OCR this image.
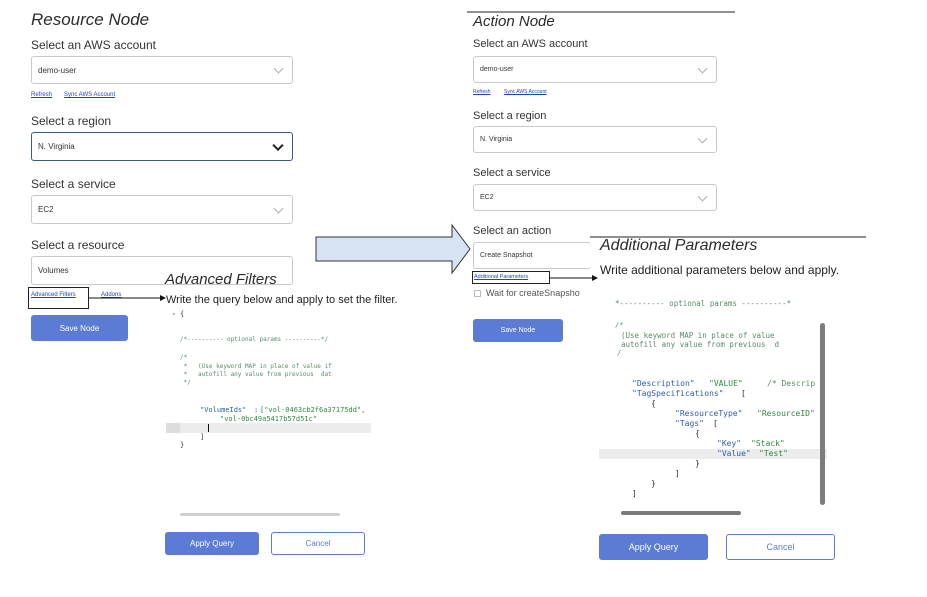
Resource Node
Select an AWS account
demo-user
Refresh Sync AWS Account
Select a region
N. Virginia
Select a service
EC2
Select a resource
Volumes
Advanced Filters	Addons
Save Node
Advanced Filters
Write the query below and apply to set the filter.
▾ {
/*---------- optional params ----------*/
/*
*   (Use keyword MAP in place of value if
*   autofill any value from previous  dat
*/
"VolumeIds" : ["vol-0463cb2f6a37175dd",
"vol-0bc49a5417b57d51c"
]
}
Apply Query	Cancel
Action Node
Select an AWS account
demo-user
Refresh	Sync AWS Account
Select a region
N. Virginia
Select a service
EC2
Select an action
Create Snapshot
Additional Parameters
Wait for createSnapsho
Save Node
Additional Parameters
Write additional parameters below and apply.
*---------- optional params ----------*
/*
(Use keyword MAP in place of value
autofill any value from previous  d
/
"Description" "VALUE"	/* Descrip
"TagSpecifications" [
{
"ResourceType" "ResourceID"
"Tags" [
{
"Key" "Stack"
"Value" "Test"
}
]
}
]
Apply Query	Cancel
